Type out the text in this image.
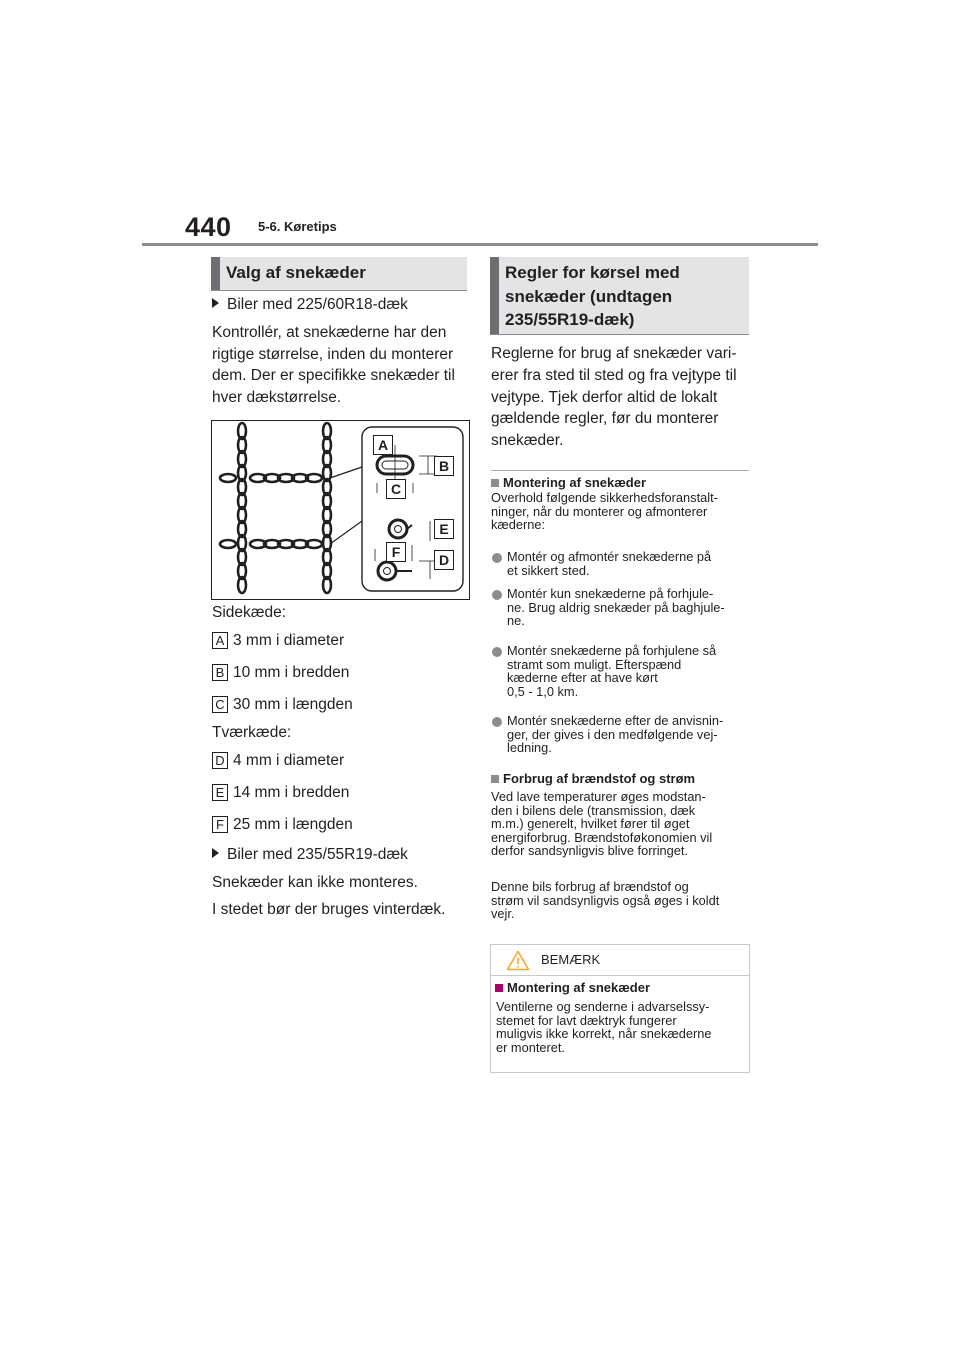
440 5-6. Køretips
Valg af snekæder
Biler med 225/60R18-dæk
Kontrollér, at snekæderne har den
rigtige størrelse, inden du monterer
dem. Der er specifikke snekæder til
hver dækstørrelse.
A
B
C
E
F	D
Sidekæde:
A 3 mm i diameter
B 10 mm i bredden
C 30 mm i længden
Tværkæde:
D 4 mm i diameter
E 14 mm i bredden
F 25 mm i længden
Biler med 235/55R19-dæk
Snekæder kan ikke monteres.
I stedet bør der bruges vinterdæk.
Regler for kørsel med
snekæder (undtagen
235/55R19-dæk)
Reglerne for brug af snekæder vari-
erer fra sted til sted og fra vejtype til
vejtype. Tjek derfor altid de lokalt
gældende regler, før du monterer
snekæder.
Montering af snekæder
Overhold følgende sikkerhedsforanstalt-
ninger, når du monterer og afmonterer
kæderne:
Montér og afmontér snekæderne på
et sikkert sted.
Montér kun snekæderne på forhjule-
ne. Brug aldrig snekæder på baghjule-
ne.
Montér snekæderne på forhjulene så
stramt som muligt. Efterspænd
kæderne efter at have kørt
0,5 - 1,0 km.
Montér snekæderne efter de anvisnin-
ger, der gives i den medfølgende vej-
ledning.
Forbrug af brændstof og strøm
Ved lave temperaturer øges modstan-
den i bilens dele (transmission, dæk
m.m.) generelt, hvilket fører til øget
energiforbrug. Brændstoføkonomien vil
derfor sandsynligvis blive forringet.
Denne bils forbrug af brændstof og
strøm vil sandsynligvis også øges i koldt
vejr.
BEMÆRK
Montering af snekæder
Ventilerne og senderne i advarselssy-
stemet for lavt dæktryk fungerer
muligvis ikke korrekt, når snekæderne
er monteret.
